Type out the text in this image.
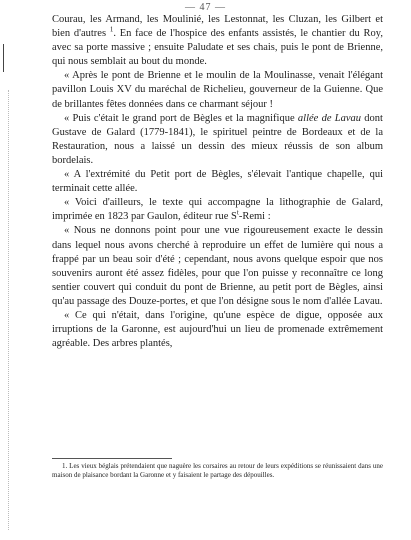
— 47 —

Courau, les Armand, les Moulinié, les Lestonnat, les Cluzan, les Gilbert et bien d'autres $^1$. En face de l'hospice des enfants assistés, le chantier du Roy, avec sa porte massive ; ensuite Paludate et ses chais, puis le pont de Brienne, qui nous semblait au bout du monde.

« Après le pont de Brienne et le moulin de la Moulinasse, venait l'élégant pavillon Louis XV du maréchal de Richelieu, gouverneur de la Guienne. Que de brillantes fêtes données dans ce charmant séjour !

« Puis c'était le grand port de Bègles et la magnifique allée de Lavau dont Gustave de Galard (1779-1841), le spirituel peintre de Bordeaux et de la Restauration, nous a laissé un dessin des mieux réussis de son album bordelais.

« A l'extrémité du Petit port de Bègles, s'élevait l'antique chapelle, qui terminait cette allée.

« Voici d'ailleurs, le texte qui accompagne la lithographie de Galard, imprimée en 1823 par Gaulon, éditeur rue $S^t$-Remi :

« Nous ne donnons point pour une vue rigoureusement exacte le dessin dans lequel nous avons cherché à reproduire un effet de lumière qui nous a frappé par un beau soir d'été ; cependant, nous avons quelque espoir que nos souvenirs auront été assez fidèles, pour que l'on puisse y reconnaître ce long sentier couvert qui conduit du pont de Brienne, au petit port de Bègles, ainsi qu'au passage des Douze-portes, et que l'on désigne sous le nom d'allée Lavau.

« Ce qui n'était, dans l'origine, qu'une espèce de digue, opposée aux irruptions de la Garonne, est aujourd'hui un lieu de promenade extrêmement agréable. Des arbres plantés,

1. Les vieux béglais prétendaient que naguère les corsaires au retour de leurs expéditions se réunissaient dans une maison de plaisance bordant la Garonne et y faisaient le partage des dépouilles.
